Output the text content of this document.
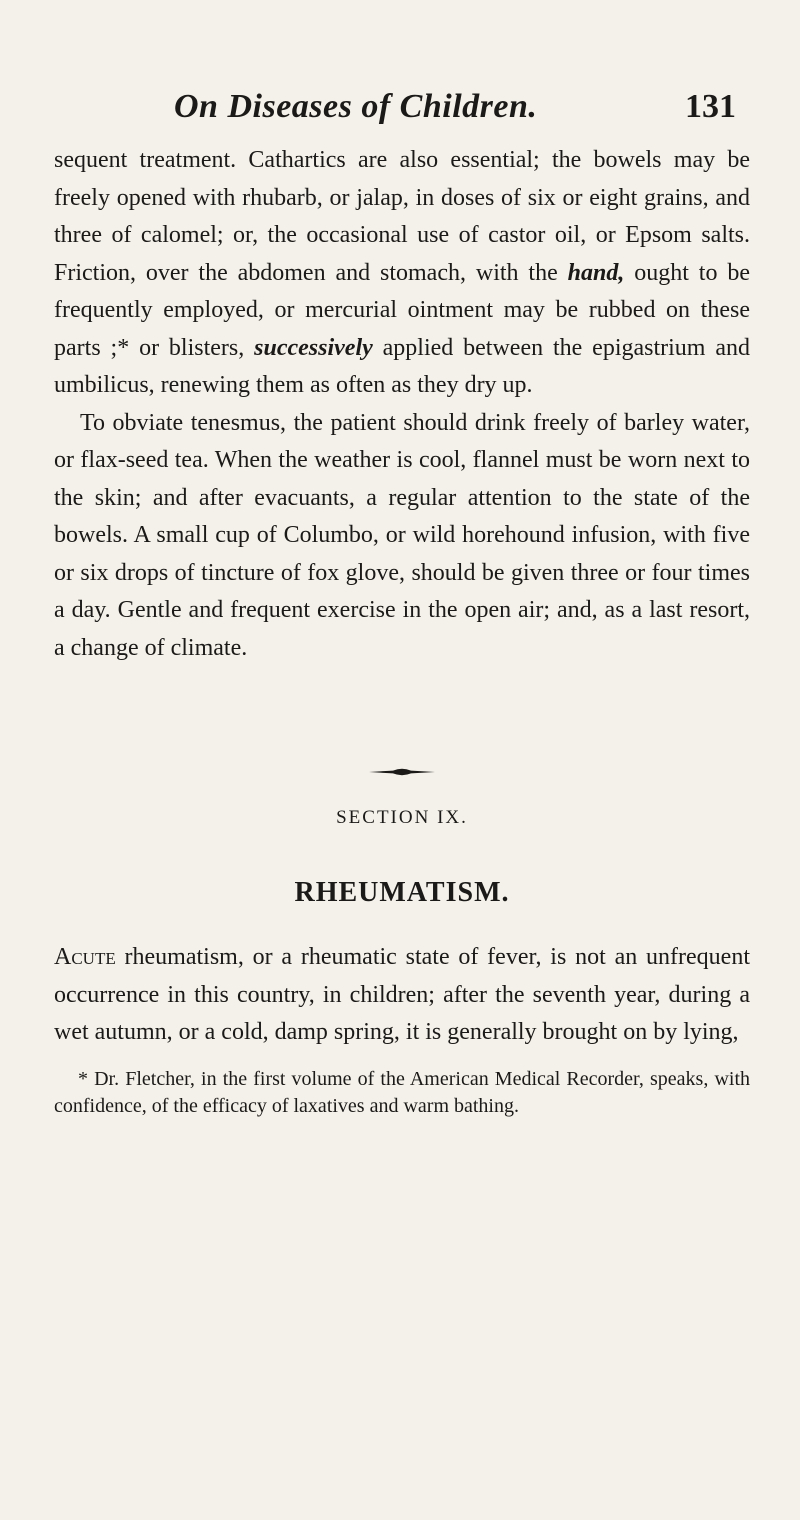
On Diseases of Children.	131

sequent treatment. Cathartics are also essential; the bowels may be freely opened with rhubarb, or jalap, in doses of six or eight grains, and three of calomel; or, the occasional use of castor oil, or Epsom salts. Friction, over the abdomen and stomach, with the hand, ought to be frequently employed, or mercurial ointment may be rubbed on these parts ;* or blisters, successively applied between the epigastrium and umbilicus, renewing them as often as they dry up.

To obviate tenesmus, the patient should drink freely of barley water, or flax-seed tea. When the weather is cool, flannel must be worn next to the skin; and after evacuants, a regular attention to the state of the bowels. A small cup of Columbo, or wild horehound infusion, with five or six drops of tincture of fox glove, should be given three or four times a day. Gentle and frequent exercise in the open air; and, as a last resort, a change of climate.

SECTION IX.
RHEUMATISM.

Acute rheumatism, or a rheumatic state of fever, is not an unfrequent occurrence in this country, in children; after the seventh year, during a wet autumn, or a cold, damp spring, it is generally brought on by lying,

* Dr. Fletcher, in the first volume of the American Medical Recorder, speaks, with confidence, of the efficacy of laxatives and warm bathing.
